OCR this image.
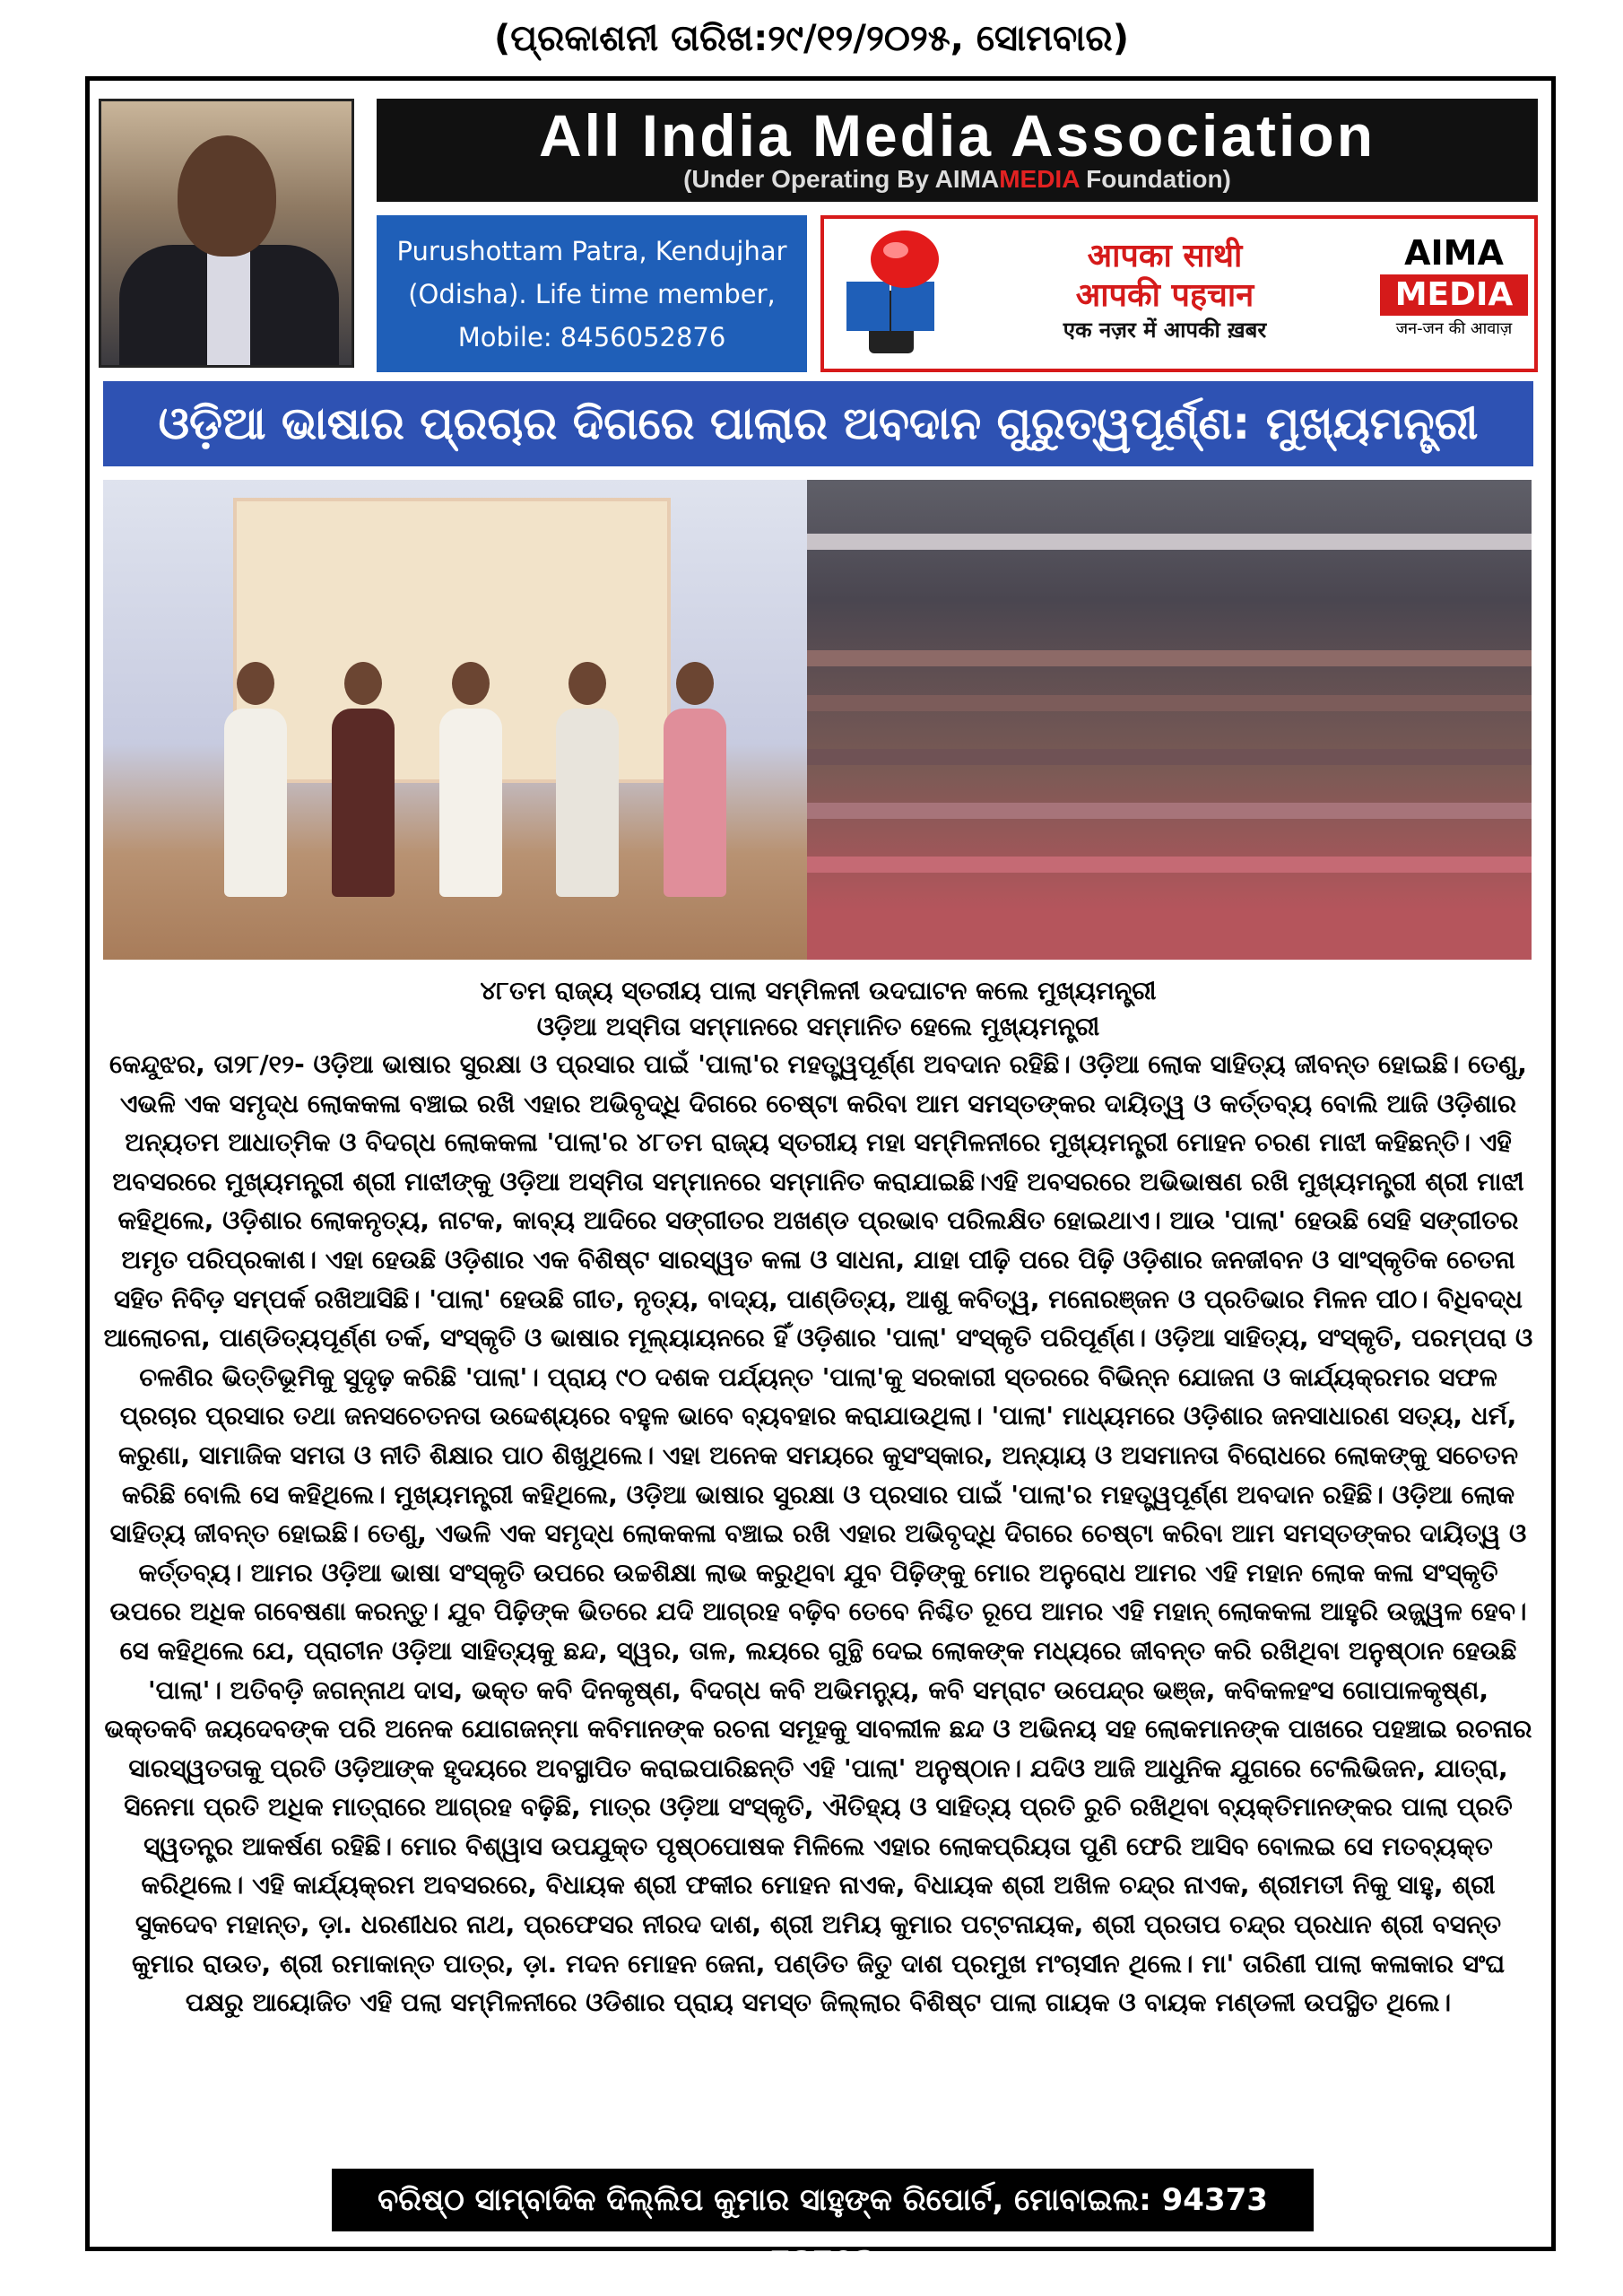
(ପ୍ରକାଶନୀ ତାରିଖ:୨୯/୧୨/୨୦୨୫, ସୋମବାର)
All India Media Association
(Under Operating By AIMAMEDIA Foundation)
Purushottam Patra, Kendujhar
(Odisha). Life time member,
Mobile: 8456052876
आपका साथी
आपकी पहचान
एक नज़र में आपकी ख़बर
AIMA
MEDIA
जन-जन की आवाज़
ଓଡ଼ିଆ ଭାଷାର ପ୍ରଚାର ଦିଗରେ ପାଲାର ଅବଦାନ ଗୁରୁତ୍ୱପୂର୍ଣ୍ଣ: ମୁଖ୍ୟମନ୍ତ୍ରୀ
୪୮ତମ ରାଜ୍ୟ ସ୍ତରୀୟ ପାଲା ସମ୍ମିଳନୀ ଉଦଘାଟନ କଲେ ମୁଖ୍ୟମନ୍ତ୍ରୀ
ଓଡ଼ିଆ ଅସ୍ମିତା ସମ୍ମାନରେ ସମ୍ମାନିତ ହେଲେ ମୁଖ୍ୟମନ୍ତ୍ରୀ
କେନ୍ଦୁଝର, ତା୨୮/୧୨- ଓଡ଼ିଆ ଭାଷାର ସୁରକ୍ଷା ଓ ପ୍ରସାର ପାଇଁ 'ପାଲା'ର ମହତ୍ତ୍ୱପୂର୍ଣ୍ଣ ଅବଦାନ ରହିଛି। ଓଡ଼ିଆ ଲୋକ ସାହିତ୍ୟ ଜୀବନ୍ତ ହୋଇଛି। ତେଣୁ, ଏଭଳି ଏକ ସମୃଦ୍ଧ ଲୋକକଳା ବଞ୍ଚାଇ ରଖି ଏହାର ଅଭିବୃଦ୍ଧି ଦିଗରେ ଚେଷ୍ଟା କରିବା ଆମ ସମସ୍ତଙ୍କର ଦାୟିତ୍ୱ ଓ କର୍ତ୍ତବ୍ୟ ବୋଲି ଆଜି ଓଡ଼ିଶାର ଅନ୍ୟତମ ଆଧାତ୍ମିକ ଓ ବିଦଗ୍ଧ ଲୋକକଳା 'ପାଲା'ର ୪୮ତମ ରାଜ୍ୟ ସ୍ତରୀୟ ମହା ସମ୍ମିଳନୀରେ ମୁଖ୍ୟମନ୍ତ୍ରୀ ମୋହନ ଚରଣ ମାଝୀ କହିଛନ୍ତି। ଏହି ଅବସରରେ ମୁଖ୍ୟମନ୍ତ୍ରୀ ଶ୍ରୀ ମାଝୀଙ୍କୁ ଓଡ଼ିଆ ଅସ୍ମିତା ସମ୍ମାନରେ ସମ୍ମାନିତ କରାଯାଇଛି।ଏହି ଅବସରରେ ଅଭିଭାଷଣ ରଖି ମୁଖ୍ୟମନ୍ତ୍ରୀ ଶ୍ରୀ ମାଝୀ କହିଥିଲେ, ଓଡ଼ିଶାର ଲୋକନୃତ୍ୟ, ନାଟକ, କାବ୍ୟ ଆଦିରେ ସଙ୍ଗୀତର ଅଖଣ୍ଡ ପ୍ରଭାବ ପରିଲକ୍ଷିତ ହୋଇଥାଏ। ଆଉ 'ପାଲା' ହେଉଛି ସେହି ସଙ୍ଗୀତର ଅମୃତ ପରିପ୍ରକାଶ। ଏହା ହେଉଛି ଓଡ଼ିଶାର ଏକ ବିଶିଷ୍ଟ ସାରସ୍ୱତ କଳା ଓ ସାଧନା, ଯାହା ପୀଢ଼ି ପରେ ପିଢ଼ି ଓଡ଼ିଶାର ଜନଜୀବନ ଓ ସାଂସ୍କୃତିକ ଚେତନା ସହିତ ନିବିଡ଼ ସମ୍ପର୍କ ରଖିଆସିଛି। 'ପାଲା' ହେଉଛି ଗୀତ, ନୃତ୍ୟ, ବାଦ୍ୟ, ପାଣ୍ଡିତ୍ୟ, ଆଶୁ କବିତ୍ୱ, ମନୋରଞ୍ଜନ ଓ ପ୍ରତିଭାର ମିଳନ ପୀଠ। ବିଧିବଦ୍ଧ ଆଲୋଚନା, ପାଣ୍ଡିତ୍ୟପୂର୍ଣ୍ଣ ତର୍କ, ସଂସ୍କୃତି ଓ ଭାଷାର ମୂଲ୍ୟାୟନରେ ହିଁ ଓଡ଼ିଶାର 'ପାଲା' ସଂସ୍କୃତି ପରିପୂର୍ଣ୍ଣ। ଓଡ଼ିଆ ସାହିତ୍ୟ, ସଂସ୍କୃତି, ପରମ୍ପରା ଓ ଚଳଣିର ଭିତ୍ତିଭୂମିକୁ ସୁଦୃଢ଼ କରିଛି 'ପାଲା'। ପ୍ରାୟ ୯୦ ଦଶକ ପର୍ଯ୍ୟନ୍ତ 'ପାଲା'କୁ ସରକାରୀ ସ୍ତରରେ ବିଭିନ୍ନ ଯୋଜନା ଓ କାର୍ଯ୍ୟକ୍ରମର ସଫଳ ପ୍ରଚାର ପ୍ରସାର ତଥା ଜନସଚେତନତା ଉଦ୍ଦେଶ୍ୟରେ ବହୁଳ ଭାବେ ବ୍ୟବହାର କରାଯାଉଥିଲା। 'ପାଲା' ମାଧ୍ୟମରେ ଓଡ଼ିଶାର ଜନସାଧାରଣ ସତ୍ୟ, ଧର୍ମ, କରୁଣା, ସାମାଜିକ ସମତା ଓ ନୀତି ଶିକ୍ଷାର ପାଠ ଶିଖୁଥିଲେ। ଏହା ଅନେକ ସମୟରେ କୁସଂସ୍କାର, ଅନ୍ୟାୟ ଓ ଅସମାନତା ବିରୋଧରେ ଲୋକଙ୍କୁ ସଚେତନ କରିଛି ବୋଲି ସେ କହିଥିଲେ। ମୁଖ୍ୟମନ୍ତ୍ରୀ କହିଥିଲେ, ଓଡ଼ିଆ ଭାଷାର ସୁରକ୍ଷା ଓ ପ୍ରସାର ପାଇଁ 'ପାଲା'ର ମହତ୍ତ୍ୱପୂର୍ଣ୍ଣ ଅବଦାନ ରହିଛି। ଓଡ଼ିଆ ଲୋକ ସାହିତ୍ୟ ଜୀବନ୍ତ ହୋଇଛି। ତେଣୁ, ଏଭଳି ଏକ ସମୃଦ୍ଧ ଲୋକକଳା ବଞ୍ଚାଇ ରଖି ଏହାର ଅଭିବୃଦ୍ଧି ଦିଗରେ ଚେଷ୍ଟା କରିବା ଆମ ସମସ୍ତଙ୍କର ଦାୟିତ୍ୱ ଓ କର୍ତ୍ତବ୍ୟ। ଆମର ଓଡ଼ିଆ ଭାଷା ସଂସ୍କୃତି ଉପରେ ଉଚ୍ଚଶିକ୍ଷା ଲାଭ କରୁଥିବା ଯୁବ ପିଢ଼ିଙ୍କୁ ମୋର ଅନୁରୋଧ ଆମର ଏହି ମହାନ ଲୋକ କଳା ସଂସ୍କୃତି ଉପରେ ଅଧିକ ଗବେଷଣା କରନ୍ତୁ। ଯୁବ ପିଢ଼ିଙ୍କ ଭିତରେ ଯଦି ଆଗ୍ରହ ବଢ଼ିବ ତେବେ ନିଶ୍ଚିତ ରୂପେ ଆମର ଏହି ମହାନ୍ ଲୋକକଳା ଆହୁରି ଉଜ୍ଜ୍ୱଳ ହେବ। ସେ କହିଥିଲେ ଯେ, ପ୍ରାଚୀନ ଓଡ଼ିଆ ସାହିତ୍ୟକୁ ଛନ୍ଦ, ସ୍ୱର, ତାଳ, ଲୟରେ ଗୁନ୍ଥି ଦେଇ ଲୋକଙ୍କ ମଧ୍ୟରେ ଜୀବନ୍ତ କରି ରଖିଥିବା ଅନୁଷ୍ଠାନ ହେଉଛି 'ପାଲା'। ଅତିବଡ଼ି ଜଗନ୍ନାଥ ଦାସ, ଭକ୍ତ କବି ଦିନକୃଷ୍ଣ, ବିଦଗ୍ଧ କବି ଅଭିମନ୍ୟୁ, କବି ସମ୍ରାଟ ଉପେନ୍ଦ୍ର ଭଞ୍ଜ, କବିକଳହଂସ ଗୋପାଳକୃଷ୍ଣ, ଭକ୍ତକବି ଜୟଦେବଙ୍କ ପରି ଅନେକ ଯୋଗଜନ୍ମା କବିମାନଙ୍କ ରଚନା ସମୂହକୁ ସାବଲୀଳ ଛନ୍ଦ ଓ ଅଭିନୟ ସହ ଲୋକମାନଙ୍କ ପାଖରେ ପହଞ୍ଚାଇ ରଚନାର ସାରସ୍ୱତତାକୁ ପ୍ରତି ଓଡ଼ିଆଙ୍କ ହୃଦୟରେ ଅବସ୍ଥାପିତ କରାଇପାରିଛନ୍ତି ଏହି 'ପାଲା' ଅନୁଷ୍ଠାନ। ଯଦିଓ ଆଜି ଆଧୁନିକ ଯୁଗରେ ଟେଲିଭିଜନ, ଯାତ୍ରା, ସିନେମା ପ୍ରତି ଅଧିକ ମାତ୍ରାରେ ଆଗ୍ରହ ବଢ଼ିଛି, ମାତ୍ର ଓଡ଼ିଆ ସଂସ୍କୃତି, ଐତିହ୍ୟ ଓ ସାହିତ୍ୟ ପ୍ରତି ରୁଚି ରଖିଥିବା ବ୍ୟକ୍ତିମାନଙ୍କର ପାଲା ପ୍ରତି ସ୍ୱତନ୍ତ୍ର ଆକର୍ଷଣ ରହିଛି। ମୋର ବିଶ୍ୱାସ ଉପଯୁକ୍ତ ପୃଷ୍ଠପୋଷକ ମିଳିଲେ ଏହାର ଲୋକପ୍ରିୟତା ପୁଣି ଫେରି ଆସିବ ବୋଲଇ ସେ ମତବ୍ୟକ୍ତ କରିଥିଲେ। ଏହି କାର୍ଯ୍ୟକ୍ରମ ଅବସରରେ, ବିଧାୟକ ଶ୍ରୀ ଫକୀର ମୋହନ ନାଏକ, ବିଧାୟକ ଶ୍ରୀ ଅଖିଳ ଚନ୍ଦ୍ର ନାଏକ, ଶ୍ରୀମତୀ ନିକୁ ସାହୁ, ଶ୍ରୀ ସୁକଦେବ ମହାନ୍ତ, ଡ଼ା. ଧରଣୀଧର ନାଥ, ପ୍ରଫେସର ନୀରଦ ଦାଶ, ଶ୍ରୀ ଅମିୟ କୁମାର ପଟ୍ଟନାୟକ, ଶ୍ରୀ ପ୍ରତାପ ଚନ୍ଦ୍ର ପ୍ରଧାନ ଶ୍ରୀ ବସନ୍ତ କୁମାର ରାଉତ, ଶ୍ରୀ ରମାକାନ୍ତ ପାତ୍ର, ଡ଼ା. ମଦନ ମୋହନ ଜେନା, ପଣ୍ଡିତ ଜିତୁ ଦାଶ ପ୍ରମୁଖ ମଂଚାସୀନ ଥିଲେ। ମା' ତାରିଣୀ ପାଲା କଳାକାର ସଂଘ ପକ୍ଷରୁ ଆୟୋଜିତ ଏହି ପଲା ସମ୍ମିଳନୀରେ ଓଡିଶାର ପ୍ରାୟ ସମସ୍ତ ଜିଲ୍ଲାର ବିଶିଷ୍ଟ ପାଲା ଗାୟକ ଓ ବାୟକ ମଣ୍ଡଳୀ ଉପସ୍ଥିତ ଥିଲେ।
ବରିଷ୍ଠ ସାମ୍ବାଦିକ ଦିଲ୍ଲିପ କୁମାର ସାହୁଙ୍କ ରିପୋର୍ଟ, ମୋବାଇଲ: 94373 78792
